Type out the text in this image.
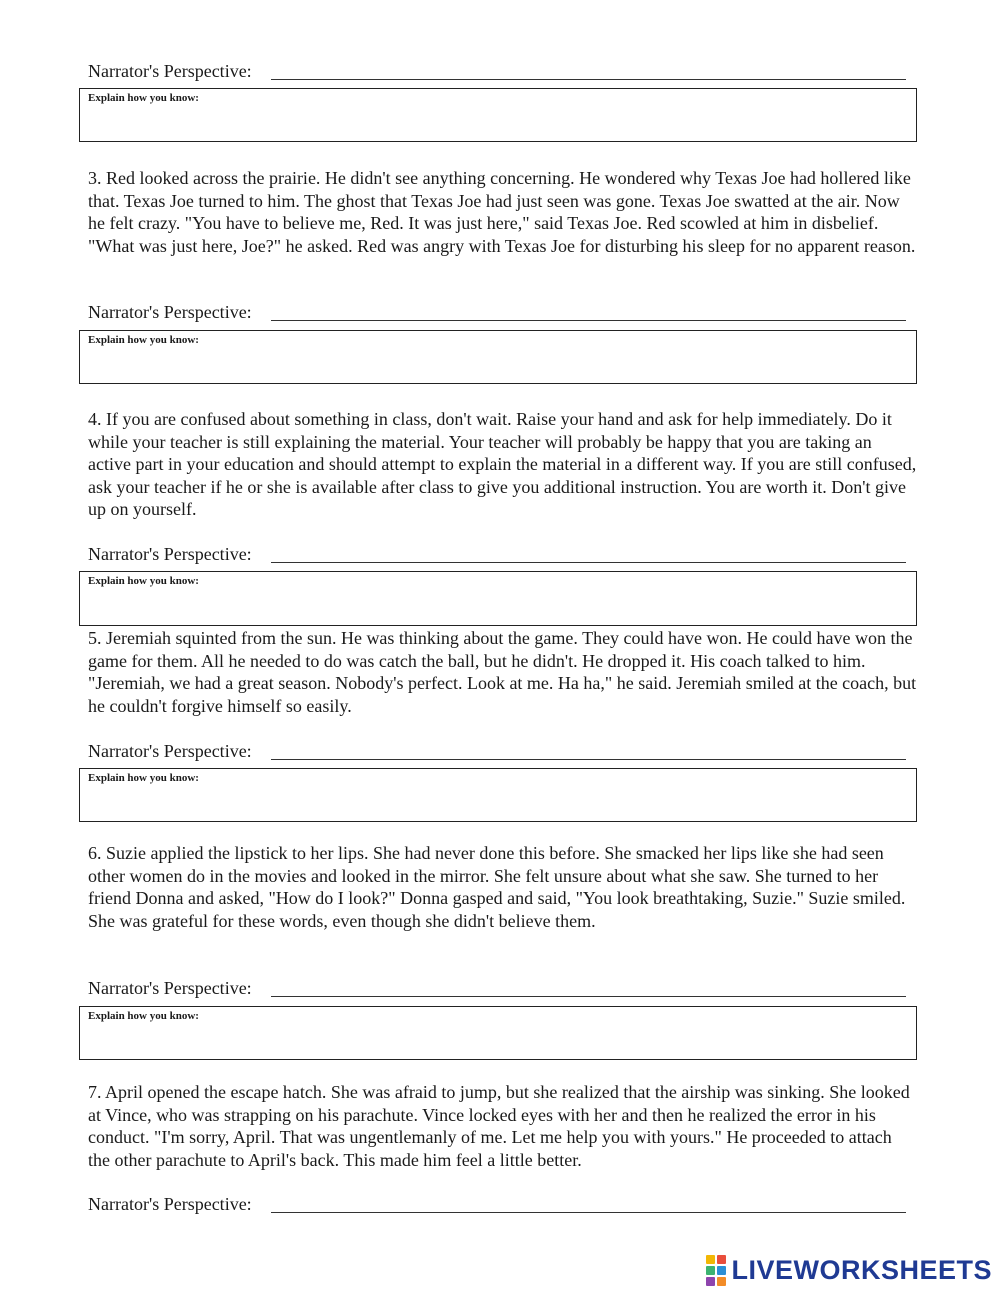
Narrator's Perspective:
Explain how you know:

3. Red looked across the prairie. He didn't see anything concerning. He wondered why Texas Joe had hollered like that. Texas Joe turned to him. The ghost that Texas Joe had just seen was gone. Texas Joe swatted at the air. Now he felt crazy. "You have to believe me, Red. It was just here," said Texas Joe. Red scowled at him in disbelief. "What was just here, Joe?" he asked. Red was angry with Texas Joe for disturbing his sleep for no apparent reason.

Narrator's Perspective:
Explain how you know:

4. If you are confused about something in class, don't wait. Raise your hand and ask for help immediately. Do it while your teacher is still explaining the material. Your teacher will probably be happy that you are taking an active part in your education and should attempt to explain the material in a different way. If you are still confused, ask your teacher if he or she is available after class to give you additional instruction. You are worth it. Don't give up on yourself.

Narrator's Perspective:
Explain how you know:

5. Jeremiah squinted from the sun. He was thinking about the game. They could have won. He could have won the game for them. All he needed to do was catch the ball, but he didn't. He dropped it. His coach talked to him. "Jeremiah, we had a great season. Nobody's perfect. Look at me. Ha ha," he said. Jeremiah smiled at the coach, but he couldn't forgive himself so easily.

Narrator's Perspective:
Explain how you know:

6. Suzie applied the lipstick to her lips. She had never done this before. She smacked her lips like she had seen other women do in the movies and looked in the mirror. She felt unsure about what she saw. She turned to her friend Donna and asked, "How do I look?" Donna gasped and said, "You look breathtaking, Suzie." Suzie smiled. She was grateful for these words, even though she didn't believe them.

Narrator's Perspective:
Explain how you know:

7. April opened the escape hatch. She was afraid to jump, but she realized that the airship was sinking. She looked at Vince, who was strapping on his parachute. Vince locked eyes with her and then he realized the error in his conduct. "I'm sorry, April. That was ungentlemanly of me. Let me help you with yours." He proceeded to attach the other parachute to April's back. This made him feel a little better.

Narrator's Perspective:
LIVEWORKSHEETS
